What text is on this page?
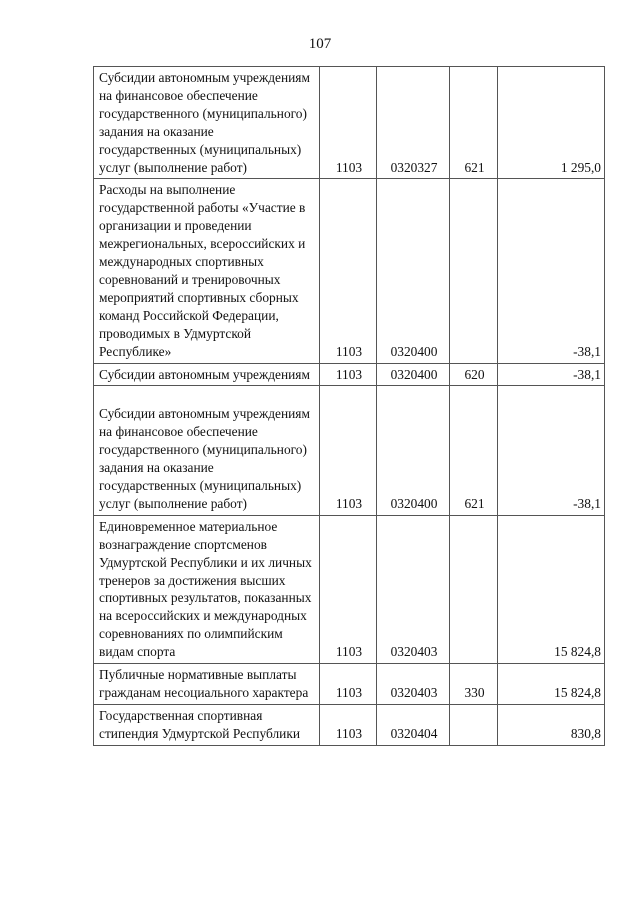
107
Субсидии автономным учреждениям на финансовое обеспечение государственного (муниципального) задания на оказание государственных (муниципальных) услуг (выполнение работ)	1103	0320327	621	1 295,0
Расходы на выполнение государственной работы «Участие в организации и проведении межрегиональных, всероссийских и международных спортивных соревнований и тренировочных мероприятий спортивных сборных команд Российской Федерации, проводимых в Удмуртской Республике»	1103	0320400		-38,1
Субсидии автономным учреждениям	1103	0320400	620	-38,1

Субсидии автономным учреждениям на финансовое обеспечение государственного (муниципального) задания на оказание государственных (муниципальных) услуг (выполнение работ)	1103	0320400	621	-38,1
Единовременное материальное вознаграждение спортсменов Удмуртской Республики и их личных тренеров за достижения высших спортивных результатов, показанных на всероссийских и международных соревнованиях по олимпийским видам спорта	1103	0320403		15 824,8
Публичные нормативные выплаты гражданам несоциального характера	1103	0320403	330	15 824,8
Государственная спортивная стипендия Удмуртской Республики	1103	0320404		830,8
